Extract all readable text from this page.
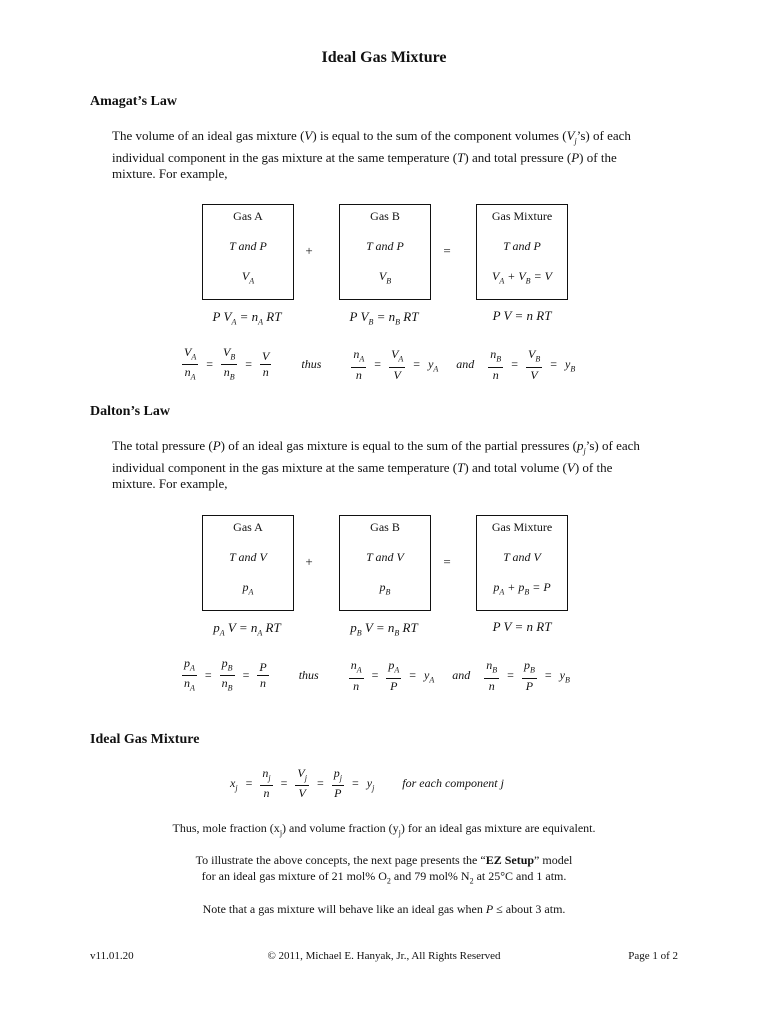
Ideal Gas Mixture
Amagat’s Law
The volume of an ideal gas mixture (V) is equal to the sum of the component volumes $(V_j’s)$ of each
individual component in the gas mixture at the same temperature (T) and total pressure (P) of the
mixture. For example,
Gas A
T and P
$V_A$
+
Gas B
T and P
$V_B$
=
Gas Mixture
T and P
$V_A + V_B = V$
P $V_A = n_A$ RT	P $V_B = n_B$ RT	P V = n RT
$\frac{V_A}{n_A} = \frac{V_B}{n_B} = \frac{V}{n}$	thus	$\frac{n_A}{n} = \frac{V_A}{V} = y_A$ and $\frac{n_B}{n} = \frac{V_B}{V} = y_B$
Dalton’s Law
The total pressure (P) of an ideal gas mixture is equal to the sum of the partial pressures $(p_j’s)$ of each
individual component in the gas mixture at the same temperature (T) and total volume (V) of the
mixture. For example,
Gas A
T and V
$p_A$
+
Gas B
T and V
$p_B$
=
Gas Mixture
T and V
$p_A + p_B = P$
$p_A$ $V = n_A$ RT	$p_B$ $V = n_B$ RT	P V = n RT
$\frac{p_A}{n_A} = \frac{p_B}{n_B} = \frac{P}{n}$	thus	$\frac{n_A}{n} = \frac{p_A}{P} = y_A$ and $\frac{n_B}{n} = \frac{p_B}{P} = y_B$
Ideal Gas Mixture
$x_j = \frac{n_j}{n} = \frac{V_j}{V} = \frac{p_j}{P} = y_j$ for each component j
Thus, mole fraction $(x_j)$ and volume fraction $(y_j)$ for an ideal gas mixture are equivalent.
To illustrate the above concepts, the next page presents the “EZ Setup” model
for an ideal gas mixture of 21 mol% $O_2$ and 79 mol% $N_2$ at 25°C and 1 atm.
Note that a gas mixture will behave like an ideal gas when P ≤ about 3 atm.
v11.01.20	© 2011, Michael E. Hanyak, Jr., All Rights Reserved	Page 1 of 2
